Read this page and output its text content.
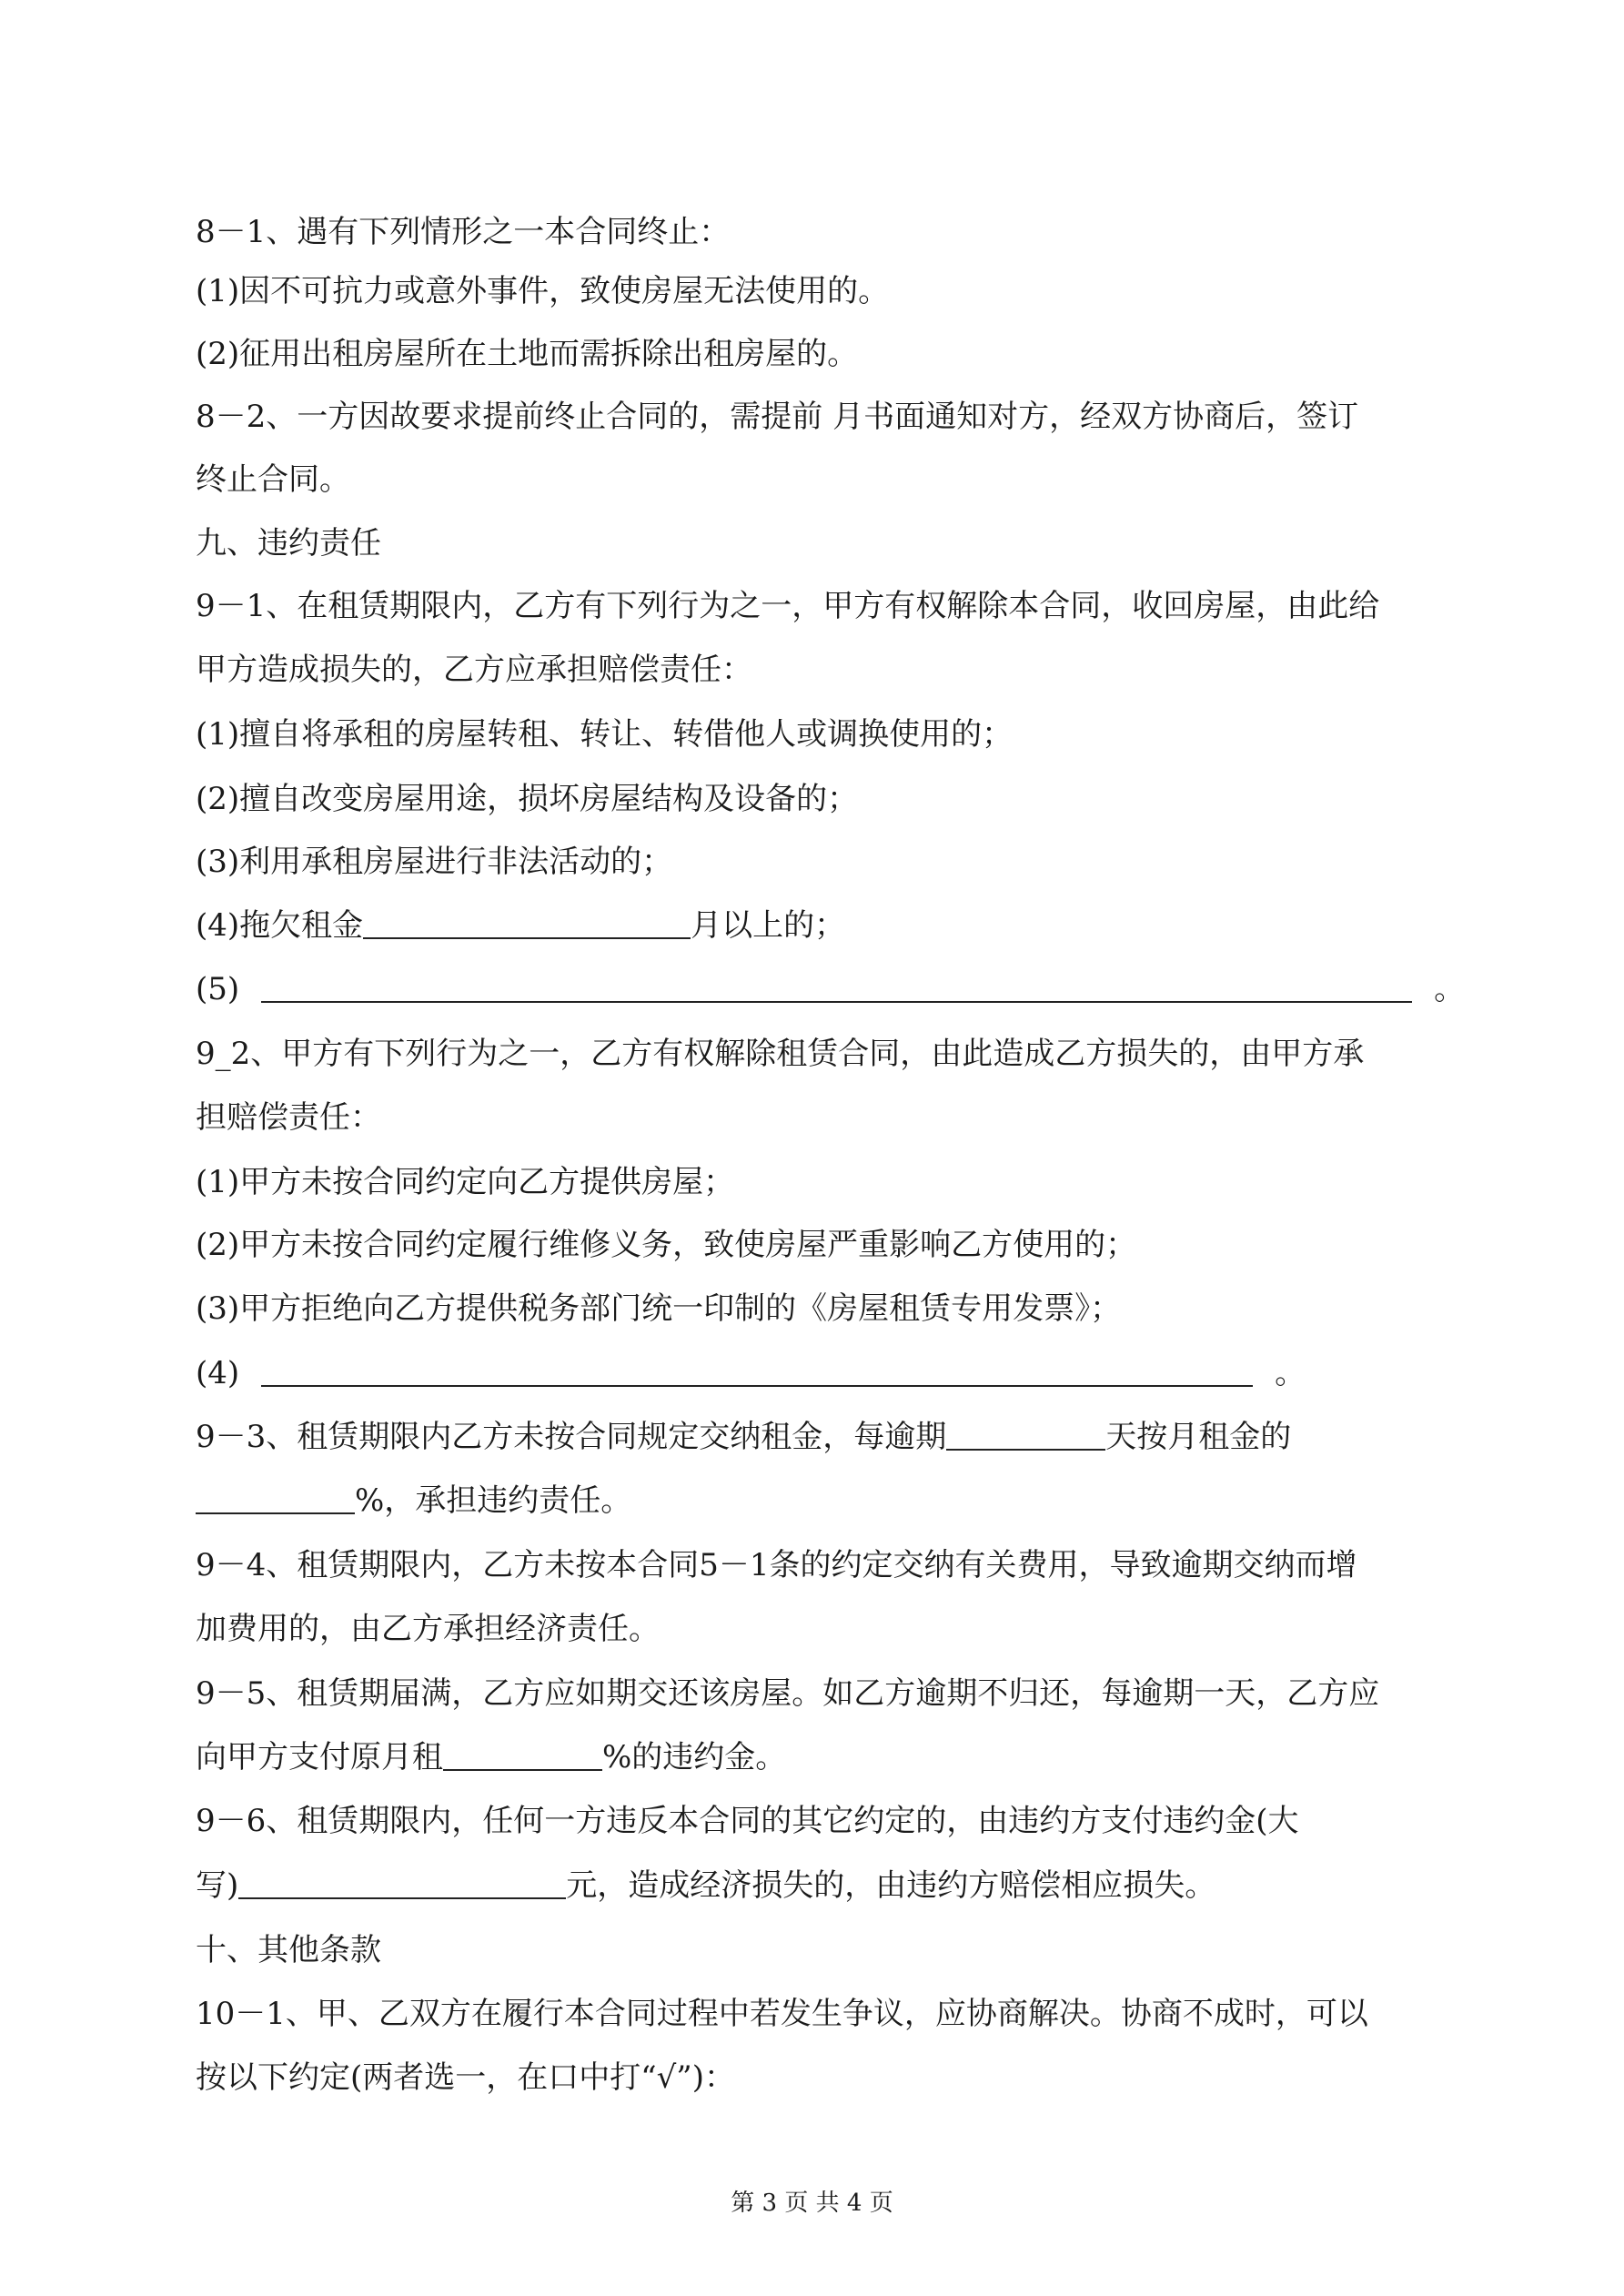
8－1、遇有下列情形之一本合同终止：
(1)因不可抗力或意外事件，致使房屋无法使用的。
(2)征用出租房屋所在土地而需拆除出租房屋的。
8－2、一方因故要求提前终止合同的，需提前 月书面通知对方，经双方协商后，签订
终止合同。
九、违约责任
9－1、在租赁期限内，乙方有下列行为之一，甲方有权解除本合同，收回房屋，由此给
甲方造成损失的，乙方应承担赔偿责任：
(1)擅自将承租的房屋转租、转让、转借他人或调换使用的；
(2)擅自改变房屋用途，损坏房屋结构及设备的；
(3)利用承租房屋进行非法活动的；
(4)拖欠租金	月以上的；
(5)	。
9_2、甲方有下列行为之一，乙方有权解除租赁合同，由此造成乙方损失的，由甲方承
担赔偿责任：
(1)甲方未按合同约定向乙方提供房屋；
(2)甲方未按合同约定履行维修义务，致使房屋严重影响乙方使用的；
(3)甲方拒绝向乙方提供税务部门统一印制的《房屋租赁专用发票》；
(4)	。
9－3、租赁期限内乙方未按合同规定交纳租金，每逾期	天按月租金的
%，承担违约责任。
9－4、租赁期限内，乙方未按本合同5－1条的约定交纳有关费用，导致逾期交纳而增
加费用的，由乙方承担经济责任。
9－5、租赁期届满，乙方应如期交还该房屋。如乙方逾期不归还，每逾期一天，乙方应
向甲方支付原月租	%的违约金。
9－6、租赁期限内，任何一方违反本合同的其它约定的，由违约方支付违约金(大
写)	元，造成经济损失的，由违约方赔偿相应损失。
十、其他条款
10－1、甲、乙双方在履行本合同过程中若发生争议，应协商解决。协商不成时，可以
按以下约定(两者选一，在口中打“√”)：
第 3 页 共 4 页
